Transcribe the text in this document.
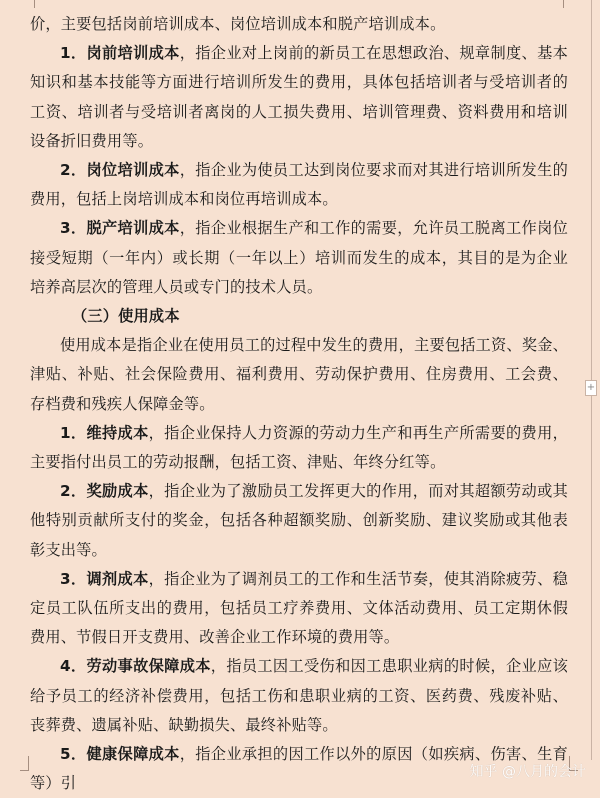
+

价，主要包括岗前培训成本、岗位培训成本和脱产培训成本。

1．岗前培训成本，指企业对上岗前的新员工在思想政治、规章制度、基本知识和基本技能等方面进行培训所发生的费用，具体包括培训者与受培训者的工资、培训者与受培训者离岗的人工损失费用、培训管理费、资料费用和培训设备折旧费用等。

2．岗位培训成本，指企业为使员工达到岗位要求而对其进行培训所发生的费用，包括上岗培训成本和岗位再培训成本。

3．脱产培训成本，指企业根据生产和工作的需要，允许员工脱离工作岗位接受短期（一年内）或长期（一年以上）培训而发生的成本，其目的是为企业培养高层次的管理人员或专门的技术人员。

（三）使用成本

使用成本是指企业在使用员工的过程中发生的费用，主要包括工资、奖金、津贴、补贴、社会保险费用、福利费用、劳动保护费用、住房费用、工会费、存档费和残疾人保障金等。

1．维持成本，指企业保持人力资源的劳动力生产和再生产所需要的费用，主要指付出员工的劳动报酬，包括工资、津贴、年终分红等。

2．奖励成本，指企业为了激励员工发挥更大的作用，而对其超额劳动或其他特别贡献所支付的奖金，包括各种超额奖励、创新奖励、建议奖励或其他表彰支出等。

3．调剂成本，指企业为了调剂员工的工作和生活节奏，使其消除疲劳、稳定员工队伍所支出的费用，包括员工疗养费用、文体活动费用、员工定期休假费用、节假日开支费用、改善企业工作环境的费用等。

4．劳动事故保障成本，指员工因工受伤和因工患职业病的时候，企业应该给予员工的经济补偿费用，包括工伤和患职业病的工资、医药费、残废补贴、丧葬费、遗属补贴、缺勤损失、最终补贴等。

5．健康保障成本，指企业承担的因工作以外的原因（如疾病、伤害、生育等）引

知乎 @八月的会计
